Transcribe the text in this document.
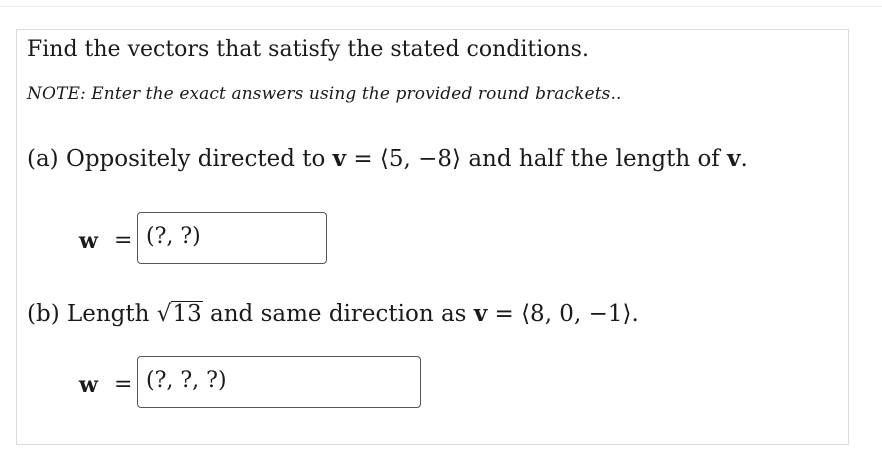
Find the vectors that satisfy the stated conditions.
NOTE: Enter the exact answers using the provided round brackets..
(a) Oppositely directed to v = ⟨5, −8⟩ and half the length of v.
w = (?, ?)
(b) Length √13 and same direction as v = ⟨8, 0, −1⟩.
w = (?, ?, ?)
